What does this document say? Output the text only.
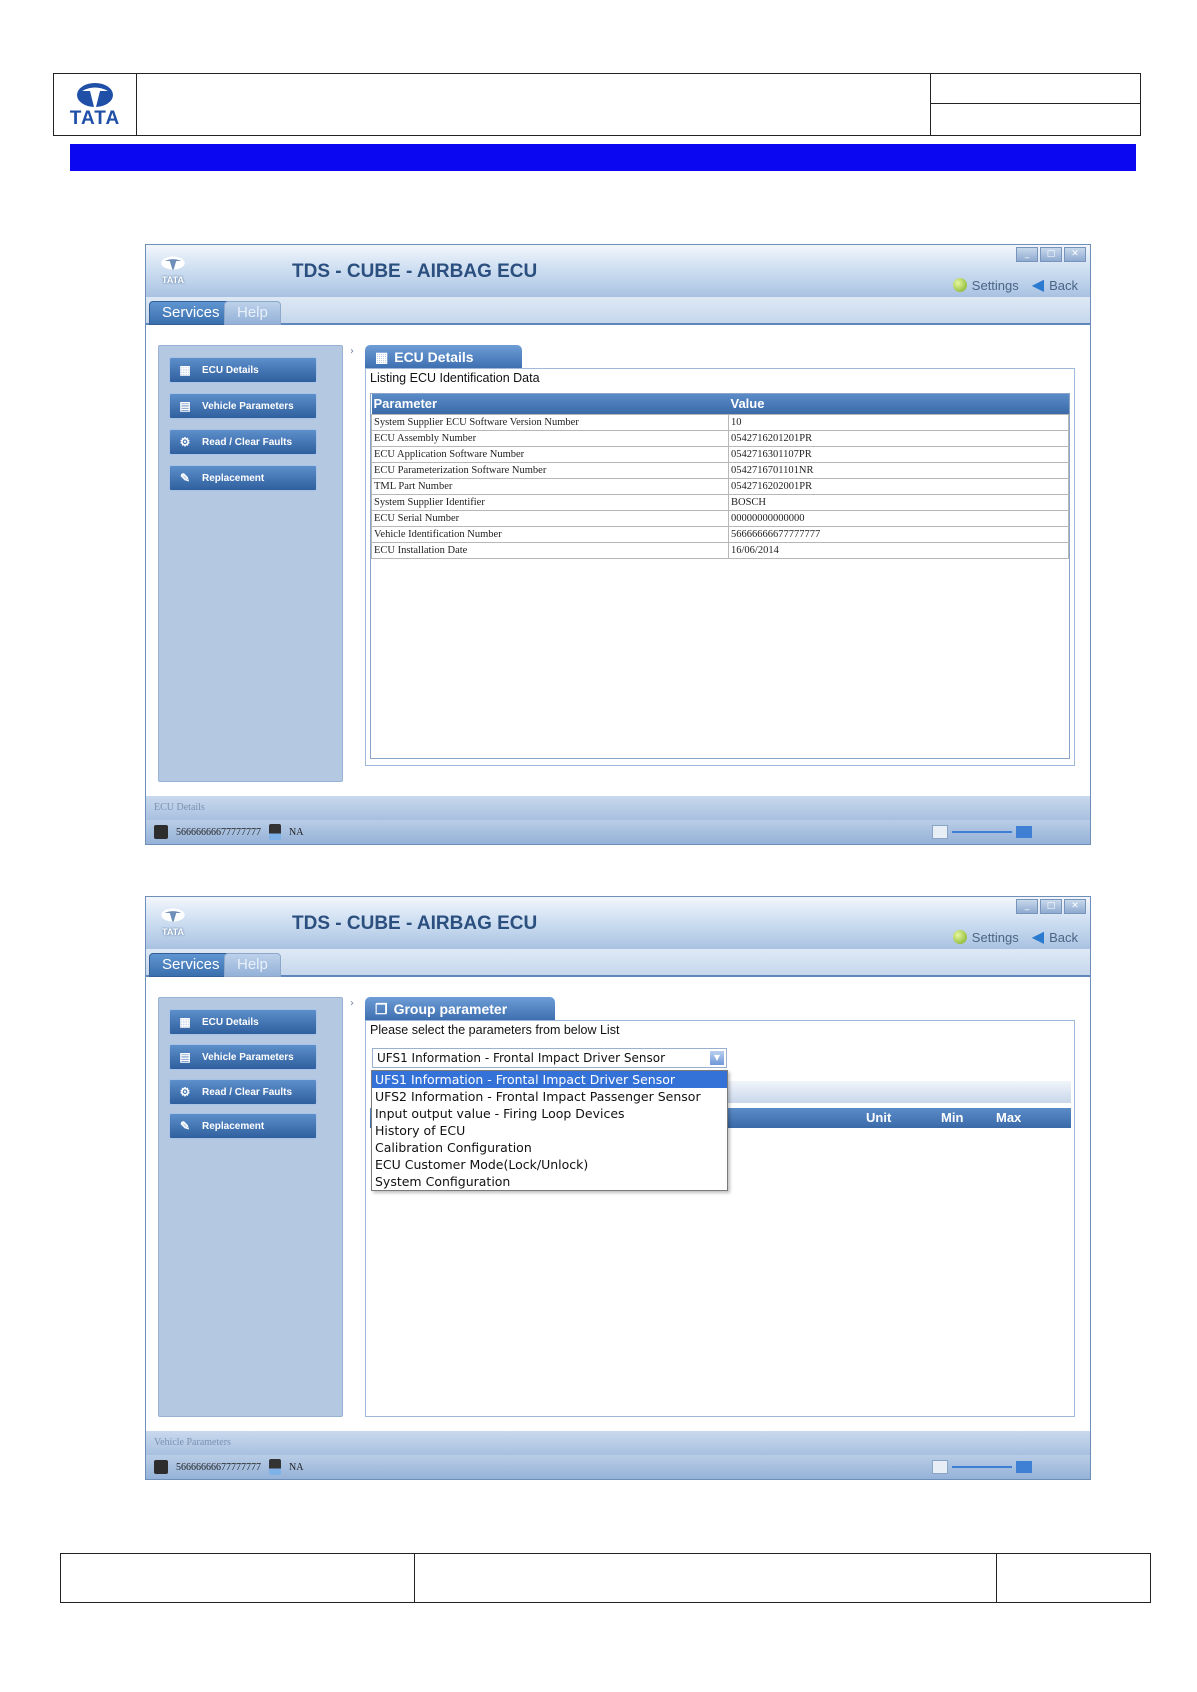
TATA
TATA	TDS - CUBE - AIRBAG ECU
_	□	✕
Settings ◀ Back
Services	Help
›
▦	ECU Details
▤	Vehicle Parameters
⚙	Read / Clear Faults
✎	Replacement
▦ ECU Details
Listing ECU Identification Data
Parameter	Value
System Supplier ECU Software Version Number	10
ECU Assembly Number	0542716201201PR
ECU Application Software Number	0542716301107PR
ECU Parameterization Software Number	0542716701101NR
TML Part Number	0542716202001PR
System Supplier Identifier	BOSCH
ECU Serial Number	00000000000000
Vehicle Identification Number	56666666677777777
ECU Installation Date	16/06/2014
ECU Details
56666666677777777	NA
TATA	TDS - CUBE - AIRBAG ECU
_	□	✕
Settings ◀ Back
Services	Help
›
▦	ECU Details
▤	Vehicle Parameters
⚙	Read / Clear Faults
✎	Replacement
❐ Group parameter
Please select the parameters from below List
UFS1 Information - Frontal Impact Driver Sensor	▼
Unit	Min	Max
UFS1 Information - Frontal Impact Driver Sensor
UFS2 Information - Frontal Impact Passenger Sensor
Input output value - Firing Loop Devices
History of ECU
Calibration Configuration
ECU Customer Mode(Lock/Unlock)
System Configuration
Vehicle Parameters
56666666677777777	NA
